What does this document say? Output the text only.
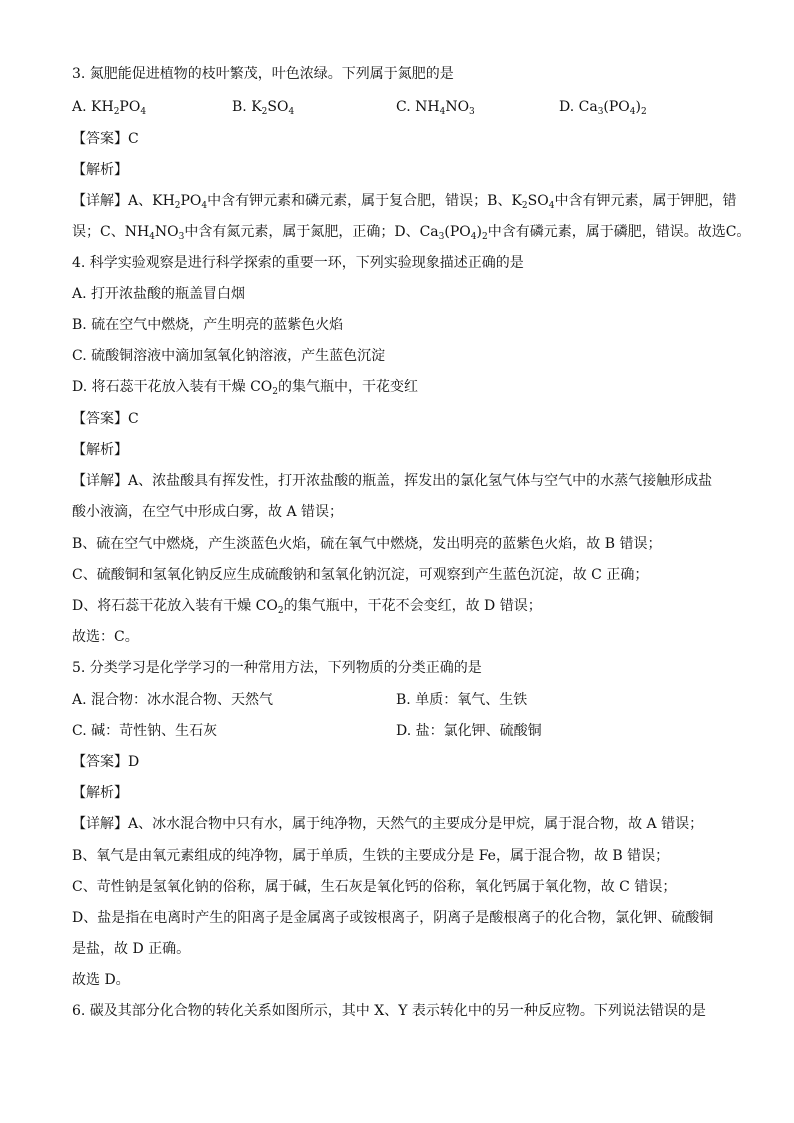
3. 氮肥能促进植物的枝叶繁茂，叶色浓绿。下列属于氮肥的是
A. $KH_2PO_4$	B. $K_2SO_4$	C. $NH_4NO_3$	D. $Ca_3(PO_4)_2$
【答案】C
【解析】
【详解】A、$KH_2PO_4$中含有钾元素和磷元素，属于复合肥，错误；B、$K_2SO_4$中含有钾元素，属于钾肥，错
误；C、$NH_4NO_3$中含有氮元素，属于氮肥，正确；D、$Ca_3(PO_4)_2$中含有磷元素，属于磷肥，错误。故选C。
4. 科学实验观察是进行科学探索的重要一环，下列实验现象描述正确的是
A. 打开浓盐酸的瓶盖冒白烟
B. 硫在空气中燃烧，产生明亮的蓝紫色火焰
C. 硫酸铜溶液中滴加氢氧化钠溶液，产生蓝色沉淀
D. 将石蕊干花放入装有干燥 $CO_2$的集气瓶中，干花变红
【答案】C
【解析】
【详解】A、浓盐酸具有挥发性，打开浓盐酸的瓶盖，挥发出的氯化氢气体与空气中的水蒸气接触形成盐
酸小液滴，在空气中形成白雾，故 A 错误；
B、硫在空气中燃烧，产生淡蓝色火焰，硫在氧气中燃烧，发出明亮的蓝紫色火焰，故 B 错误；
C、硫酸铜和氢氧化钠反应生成硫酸钠和氢氧化钠沉淀，可观察到产生蓝色沉淀，故 C 正确；
D、将石蕊干花放入装有干燥 $CO_2$的集气瓶中，干花不会变红，故 D 错误；
故选：C。
5. 分类学习是化学学习的一种常用方法，下列物质的分类正确的是
A. 混合物：冰水混合物、天然气	B. 单质：氧气、生铁
C. 碱：苛性钠、生石灰	D. 盐：氯化钾、硫酸铜
【答案】D
【解析】
【详解】A、冰水混合物中只有水，属于纯净物，天然气的主要成分是甲烷，属于混合物，故 A 错误；
B、氧气是由氧元素组成的纯净物，属于单质，生铁的主要成分是 Fe，属于混合物，故 B 错误；
C、苛性钠是氢氧化钠的俗称，属于碱，生石灰是氧化钙的俗称，氧化钙属于氧化物，故 C 错误；
D、盐是指在电离时产生的阳离子是金属离子或铵根离子，阴离子是酸根离子的化合物，氯化钾、硫酸铜
是盐，故 D 正确。
故选 D。
6. 碳及其部分化合物的转化关系如图所示，其中 X、Y 表示转化中的另一种反应物。下列说法错误的是
